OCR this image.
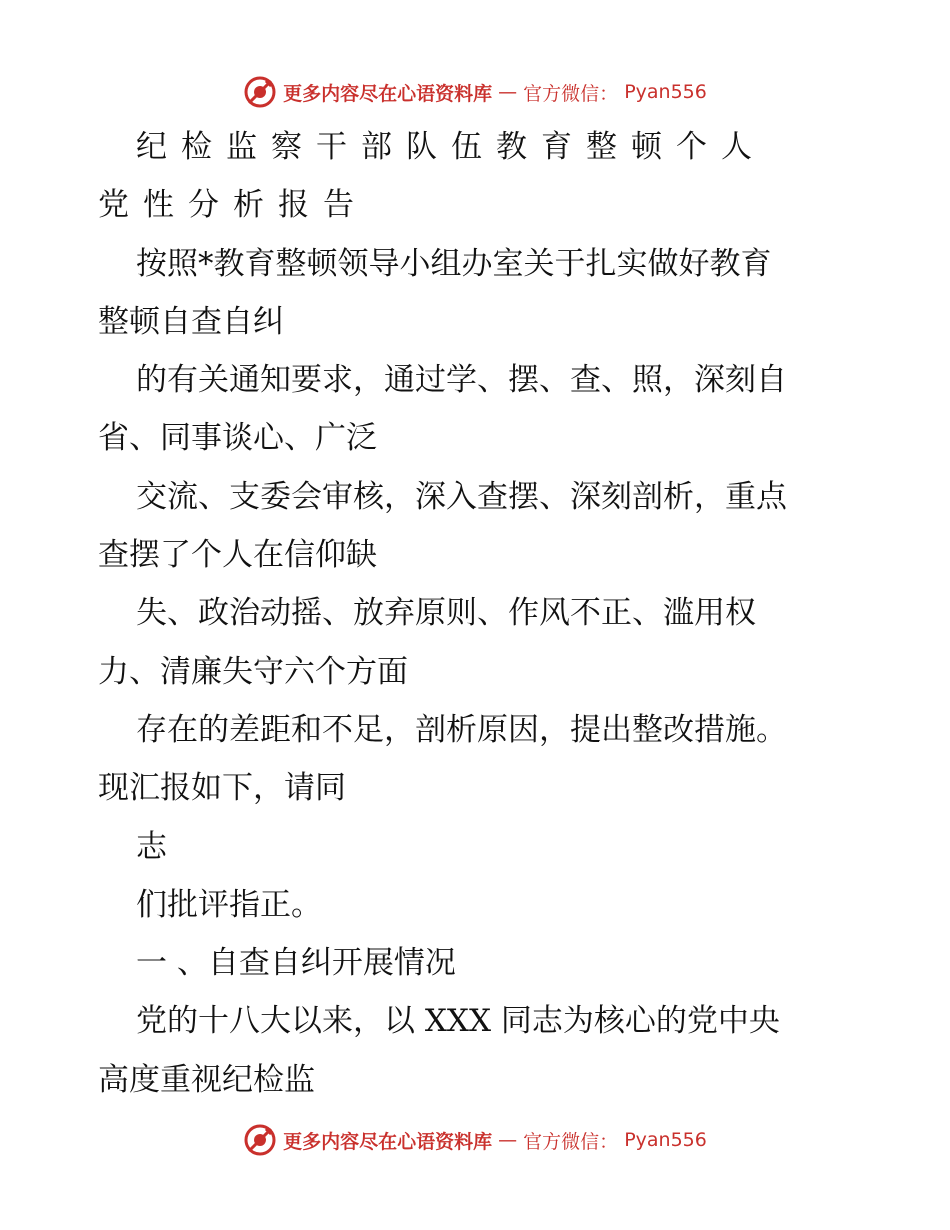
更多内容尽在心语资料库 — 官方微信： Pyan556
纪检监察干部队伍教育整顿个人
党性分析报告
按照*教育整顿领导小组办室关于扎实做好教育
整顿自查自纠
的有关通知要求，通过学、摆、查、照，深刻自
省、同事谈心、广泛
交流、支委会审核，深入查摆、深刻剖析，重点
查摆了个人在信仰缺
失、政治动摇、放弃原则、作风不正、滥用权
力、清廉失守六个方面
存在的差距和不足，剖析原因，提出整改措施。
现汇报如下，请同
志
们批评指正。
一 、自查自纠开展情况
党的十八大以来，以 XXX 同志为核心的党中央
高度重视纪检监
更多内容尽在心语资料库 — 官方微信： Pyan556
